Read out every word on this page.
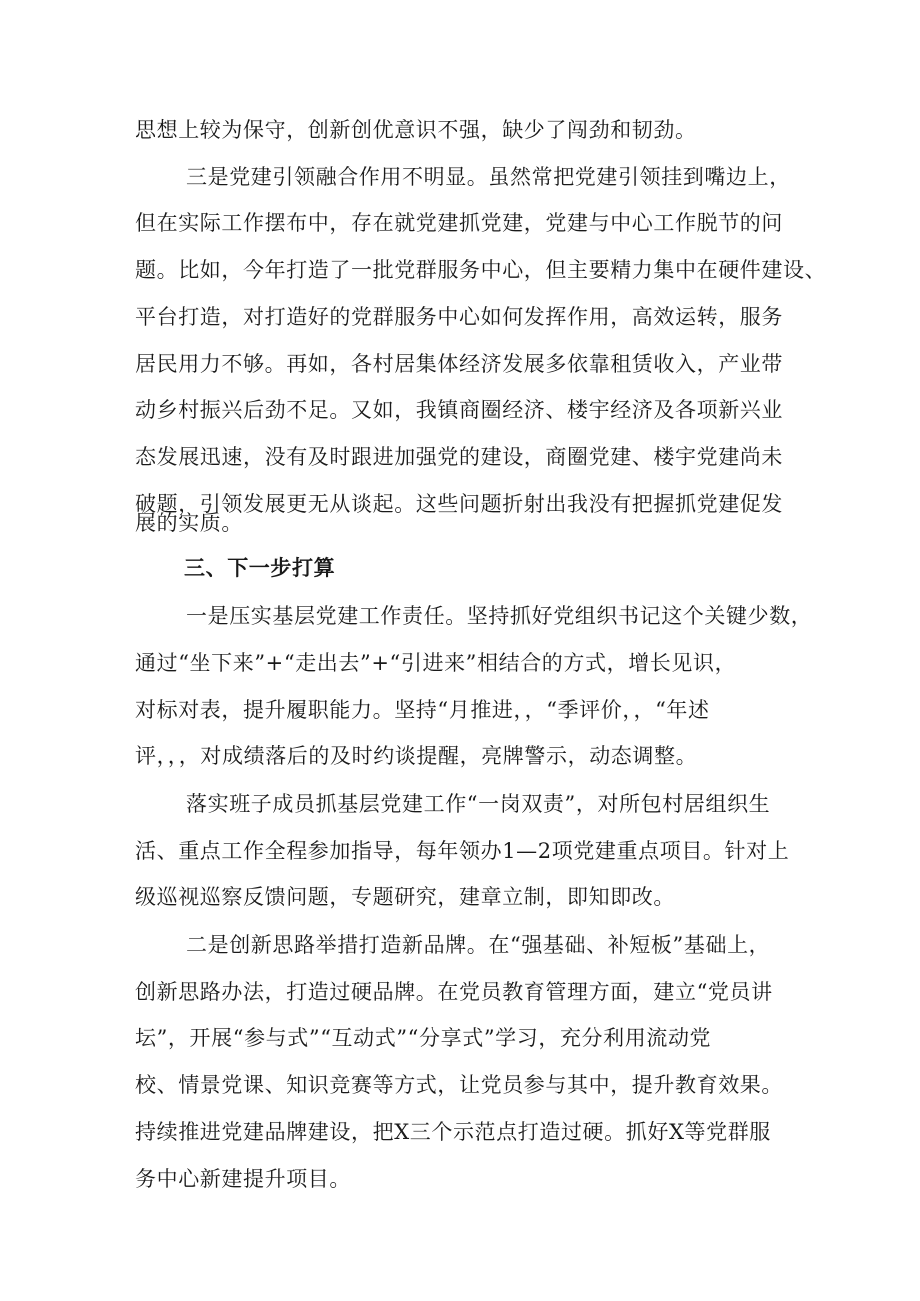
思想上较为保守，创新创优意识不强，缺少了闯劲和韧劲。
三是党建引领融合作用不明显。虽然常把党建引领挂到嘴边上，
但在实际工作摆布中，存在就党建抓党建，党建与中心工作脱节的问
题。比如，今年打造了一批党群服务中心，但主要精力集中在硬件建设、
平台打造，对打造好的党群服务中心如何发挥作用，高效运转，服务
居民用力不够。再如，各村居集体经济发展多依靠租赁收入，产业带
动乡村振兴后劲不足。又如，我镇商圈经济、楼宇经济及各项新兴业
态发展迅速，没有及时跟进加强党的建设，商圈党建、楼宇党建尚未
破题，引领发展更无从谈起。这些问题折射出我没有把握抓党建促发
展的实质。
三、下一步打算
一是压实基层党建工作责任。坚持抓好党组织书记这个关键少数，
通过“坐下来”+“走出去”+“引进来”相结合的方式，增长见识，
对标对表，提升履职能力。坚持“月推进，，“季评价，，“年述
评，，，对成绩落后的及时约谈提醒，亮牌警示，动态调整。
落实班子成员抓基层党建工作“一岗双责”，对所包村居组织生
活、重点工作全程参加指导，每年领办1—2项党建重点项目。针对上
级巡视巡察反馈问题，专题研究，建章立制，即知即改。
二是创新思路举措打造新品牌。在“强基础、补短板”基础上，
创新思路办法，打造过硬品牌。在党员教育管理方面，建立“党员讲
坛”，开展“参与式”“互动式”“分享式”学习，充分利用流动党
校、情景党课、知识竞赛等方式，让党员参与其中，提升教育效果。
持续推进党建品牌建设，把X三个示范点打造过硬。抓好X等党群服
务中心新建提升项目。
